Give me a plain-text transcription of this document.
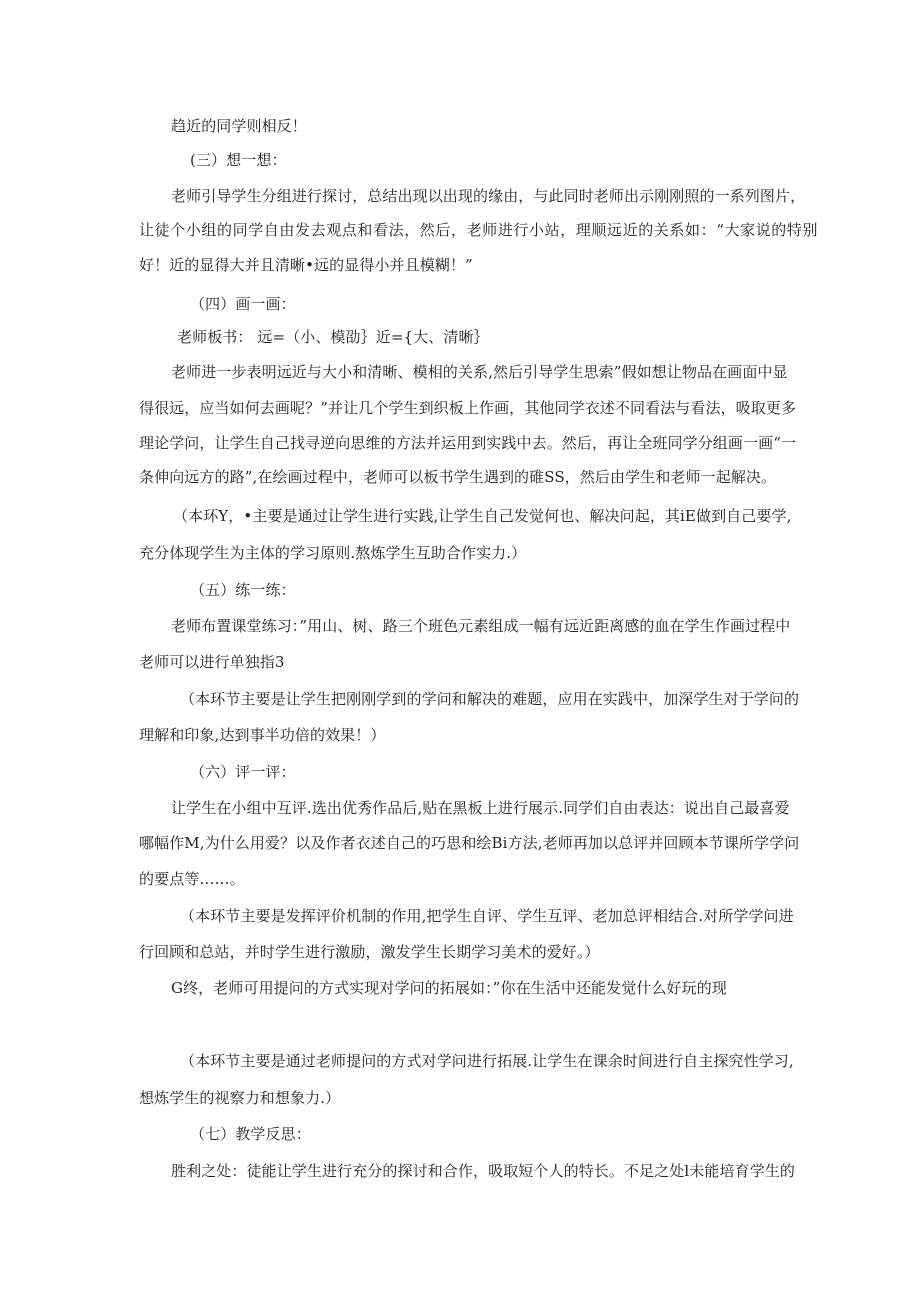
趋近的同学则相反！

(三）想一想：

老师引导学生分组进行探讨，总结出现以出现的缘由，与此同时老师出示刚刚照的一系列图片，

让徒个小组的同学自由发去观点和看法，然后，老师进行小站，理顺远近的关系如：“大家说的特别

好！近的显得大并且清晰•远的显得小并且模糊！”

（四）画一画：

老师板书： 远=（小、模劭｝近={大、清晰｝

老师进一步表明远近与大小和清晰、模相的关系,然后引导学生思索”假如想让物品在画面中显

得很远，应当如何去画呢？”并让几个学生到织板上作画，其他同学衣述不同看法与看法，吸取更多

理论学问，让学生自己找寻逆向思维的方法并运用到实践中去。然后，再让全班同学分组画一画“一

条伸向远方的路”,在绘画过程中，老师可以板书学生遇到的碓SS，然后由学生和老师一起解决。

（本环Y，•主要是通过让学生进行实践,让学生自己发觉何也、解决问起，其iE做到自己要学,

充分体现学生为主体的学习原则.熬炼学生互助合作实力.）

（五）练一练：

老师布置课堂练习：”用山、树、路三个班色元素组成一幅有远近距离感的血在学生作画过程中

老师可以进行单独指3

（本环节主要是让学生把刚刚学到的学问和解决的难题，应用在实践中，加深学生对于学问的

理解和印象,达到事半功倍的效果！）

（六）评一评：

让学生在小组中互评.选出优秀作品后,贴在黑板上进行展示.同学们自由表达：说出自己最喜爱

哪幅作M,为什么用爱？以及作者衣述自己的巧思和绘Bi方法,老师再加以总评并回顾本节课所学学问

的要点等……。

（本环节主要是发挥评价机制的作用,把学生自评、学生互评、老加总评相结合.对所学学问进

行回顾和总站，并时学生进行激励，激发学生长期学习美术的爱好。）

G终，老师可用提问的方式实现对学问的拓展如：”你在生活中还能发觉什么好玩的现

（本环节主要是通过老师提问的方式对学问进行拓展.让学生在课余时间进行自主探究性学习,

想炼学生的视察力和想象力.）

（七）教学反思：

胜利之处：徒能让学生进行充分的探讨和合作，吸取短个人的特长。不足之处l未能培育学生的
